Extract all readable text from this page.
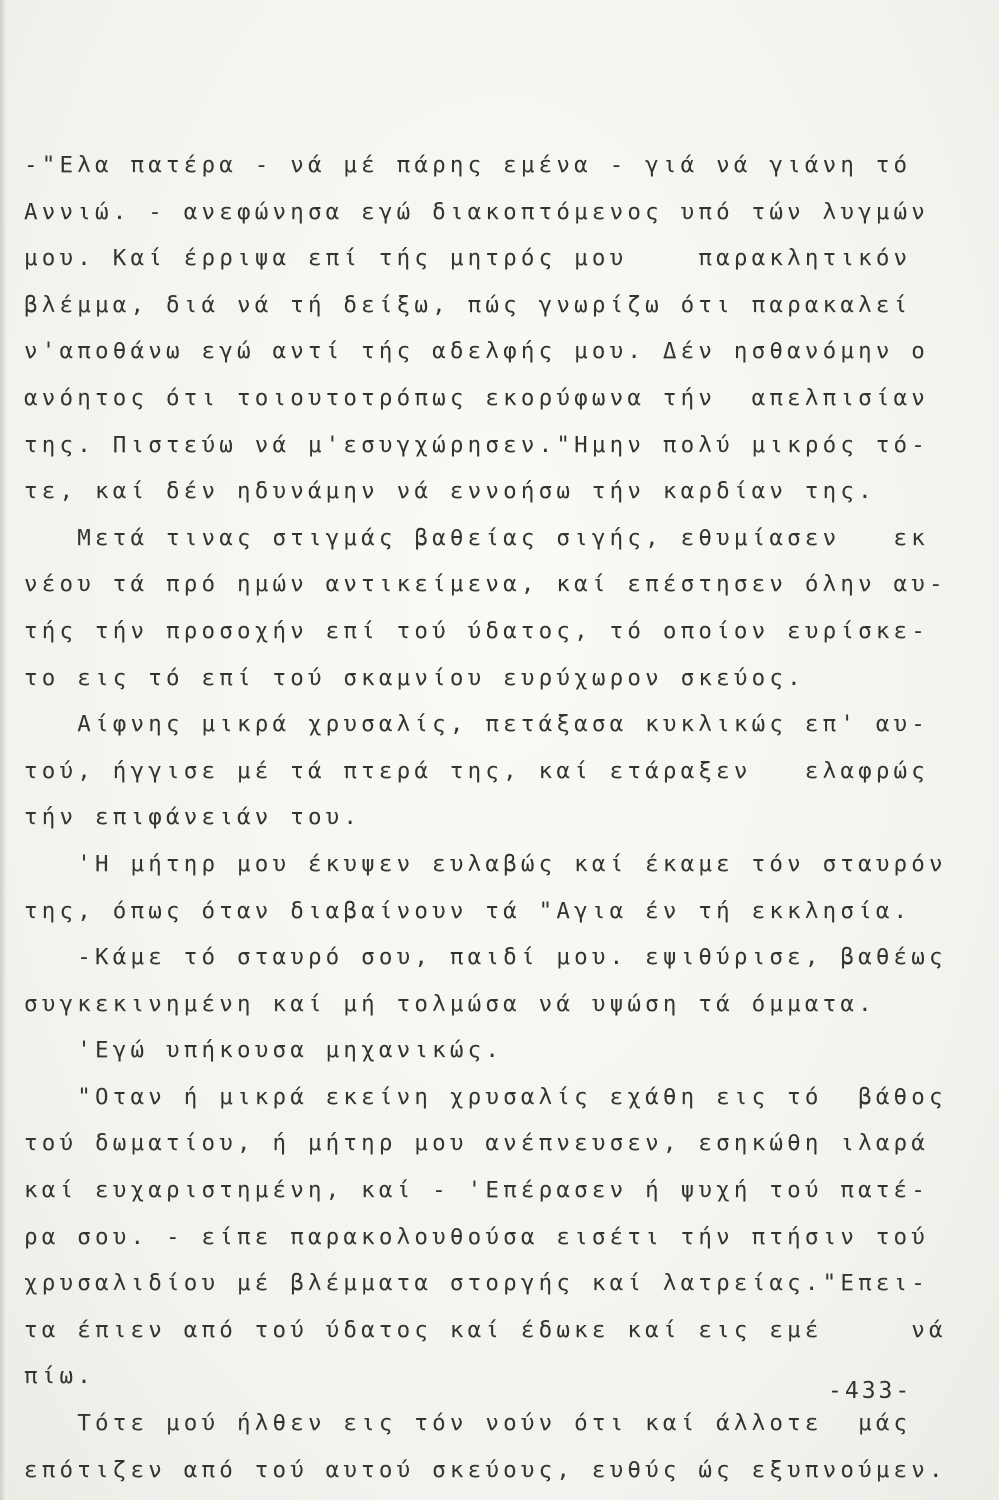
-"Ελα πατέρα - νά μέ πάρης εμένα - γιά νά γιάνη τό
Αννιώ. - ανεφώνησα εγώ διακοπτόμενος υπό τών λυγμών
μου. Καί έρριψα επί τής μητρός μου    παρακλητικόν
βλέμμα, διά νά τή δείξω, πώς γνωρίζω ότι παρακαλεί
ν'αποθάνω εγώ αντί τής αδελφής μου. Δέν ησθανόμην ο
ανόητος ότι τοιουτοτρόπως εκορύφωνα τήν  απελπισίαν
της. Πιστεύω νά μ'εσυγχώρησεν."Ημην πολύ μικρός τό-
τε, καί δέν ηδυνάμην νά εννοήσω τήν καρδίαν της.
Μετά τινας στιγμάς βαθείας σιγής, εθυμίασεν   εκ
νέου τά πρό ημών αντικείμενα, καί επέστησεν όλην αυ-
τής τήν προσοχήν επί τού ύδατος, τό οποίον ευρίσκε-
το εις τό επί τού σκαμνίου ευρύχωρον σκεύος.
Αίφνης μικρά χρυσαλίς, πετάξασα κυκλικώς επ' αυ-
τού, ήγγισε μέ τά πτερά της, καί ετάραξεν   ελαφρώς
τήν επιφάνειάν του.
'Η μήτηρ μου έκυψεν ευλαβώς καί έκαμε τόν σταυρόν
της, όπως όταν διαβαίνουν τά "Αγια έν τή εκκλησία.
-Κάμε τό σταυρό σου, παιδί μου. εψιθύρισε, βαθέως
συγκεκινημένη καί μή τολμώσα νά υψώση τά όμματα.
'Εγώ υπήκουσα μηχανικώς.
"Οταν ή μικρά εκείνη χρυσαλίς εχάθη εις τό  βάθος
τού δωματίου, ή μήτηρ μου ανέπνευσεν, εσηκώθη ιλαρά
καί ευχαριστημένη, καί - 'Επέρασεν ή ψυχή τού πατέ-
ρα σου. - είπε παρακολουθούσα εισέτι τήν πτήσιν τού
χρυσαλιδίου μέ βλέμματα στοργής καί λατρείας."Επει-
τα έπιεν από τού ύδατος καί έδωκε καί εις εμέ     νά
πίω.
Τότε μού ήλθεν εις τόν νούν ότι καί άλλοτε  μάς
επότιζεν από τού αυτού σκεύους, ευθύς ώς εξυπνούμεν.
-433-
